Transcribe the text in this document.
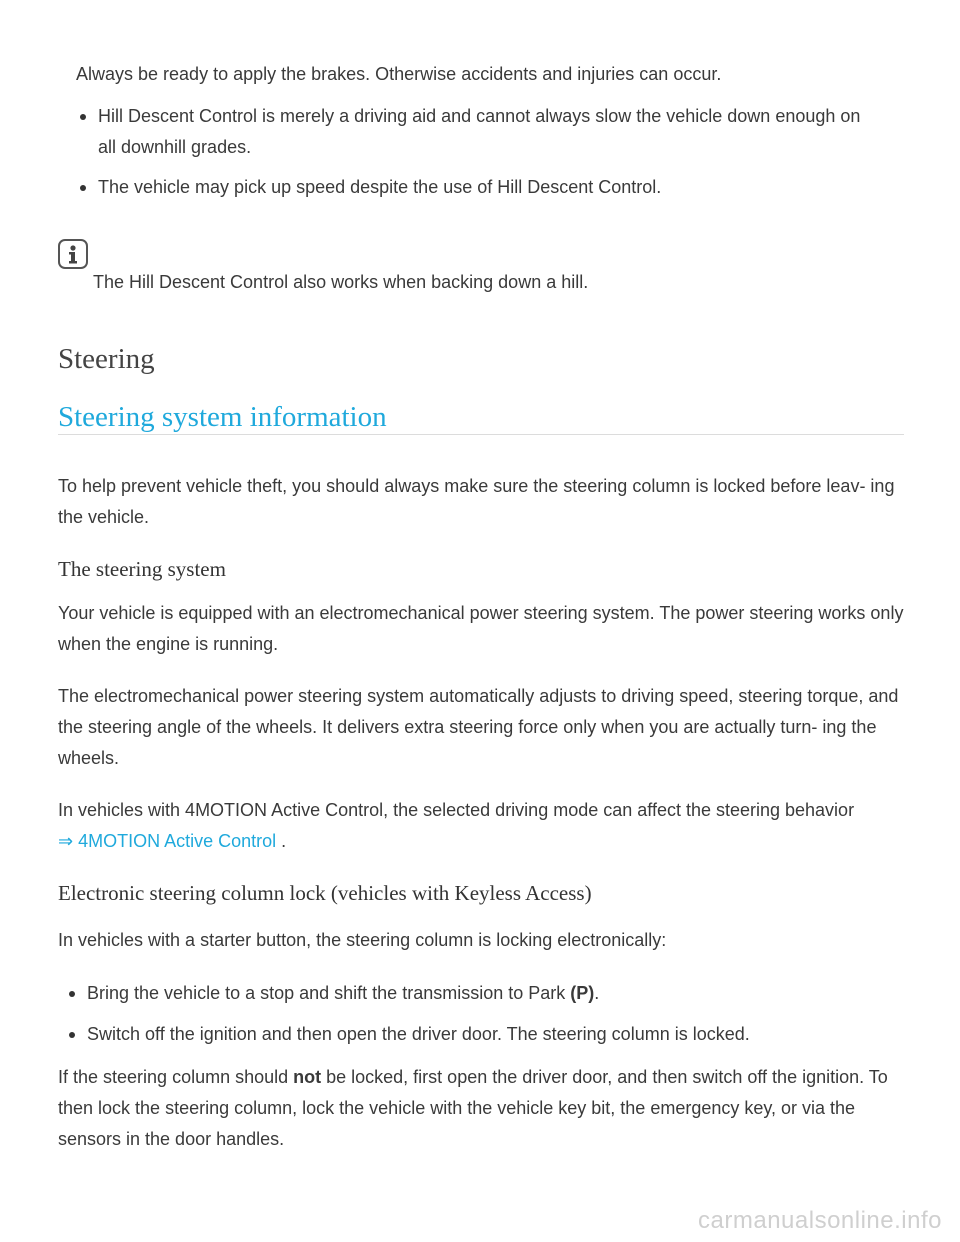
Always be ready to apply the brakes. Otherwise accidents and injuries can occur.

Hill Descent Control is merely a driving aid and cannot always slow the vehicle down enough on all downhill grades.

The vehicle may pick up speed despite the use of Hill Descent Control.

The Hill Descent Control also works when backing down a hill.

Steering
Steering system information

To help prevent vehicle theft, you should always make sure the steering column is locked before leav- ing the vehicle.

The steering system

Your vehicle is equipped with an electromechanical power steering system. The power steering works only when the engine is running.

The electromechanical power steering system automatically adjusts to driving speed, steering torque, and the steering angle of the wheels. It delivers extra steering force only when you are actually turn- ing the wheels.

In vehicles with 4MOTION Active Control, the selected driving mode can affect the steering behavior
⇒ 4MOTION Active Control .

Electronic steering column lock (vehicles with Keyless Access)

In vehicles with a starter button, the steering column is locking electronically:

Bring the vehicle to a stop and shift the transmission to Park (P).

Switch off the ignition and then open the driver door. The steering column is locked.

If the steering column should not be locked, first open the driver door, and then switch off the ignition. To then lock the steering column, lock the vehicle with the vehicle key bit, the emergency key, or via the sensors in the door handles.

carmanualsonline.info
